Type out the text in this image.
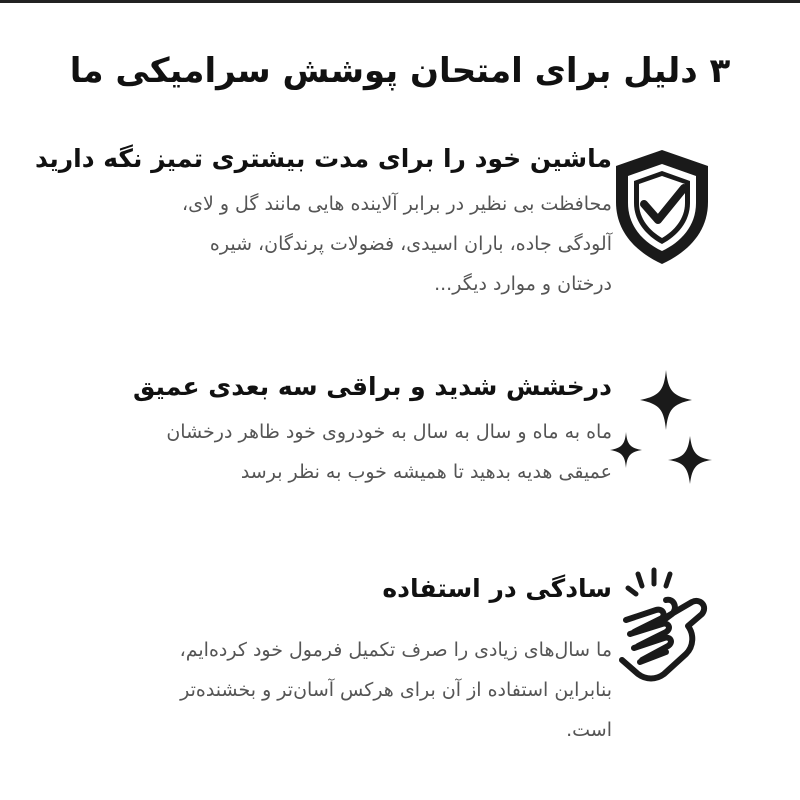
۳ دلیل برای امتحان پوشش سرامیکی ما
ماشین خود را برای مدت بیشتری تمیز نگه دارید

محافظت بی نظیر در برابر آلاینده هایی مانند گل و لای،
آلودگی جاده، باران اسیدی، فضولات پرندگان، شیره
درختان و موارد دیگر...

درخشش شدید و براقی سه بعدی عمیق

ماه به ماه و سال به سال به خودروی خود ظاهر درخشان
عمیقی هدیه بدهید تا همیشه خوب به نظر برسد

سادگی در استفاده

ما سال‌های زیادی را صرف تکمیل فرمول خود کرده‌ایم،
بنابراین استفاده از آن برای هرکس آسان‌تر و بخشنده‌تر
است.
